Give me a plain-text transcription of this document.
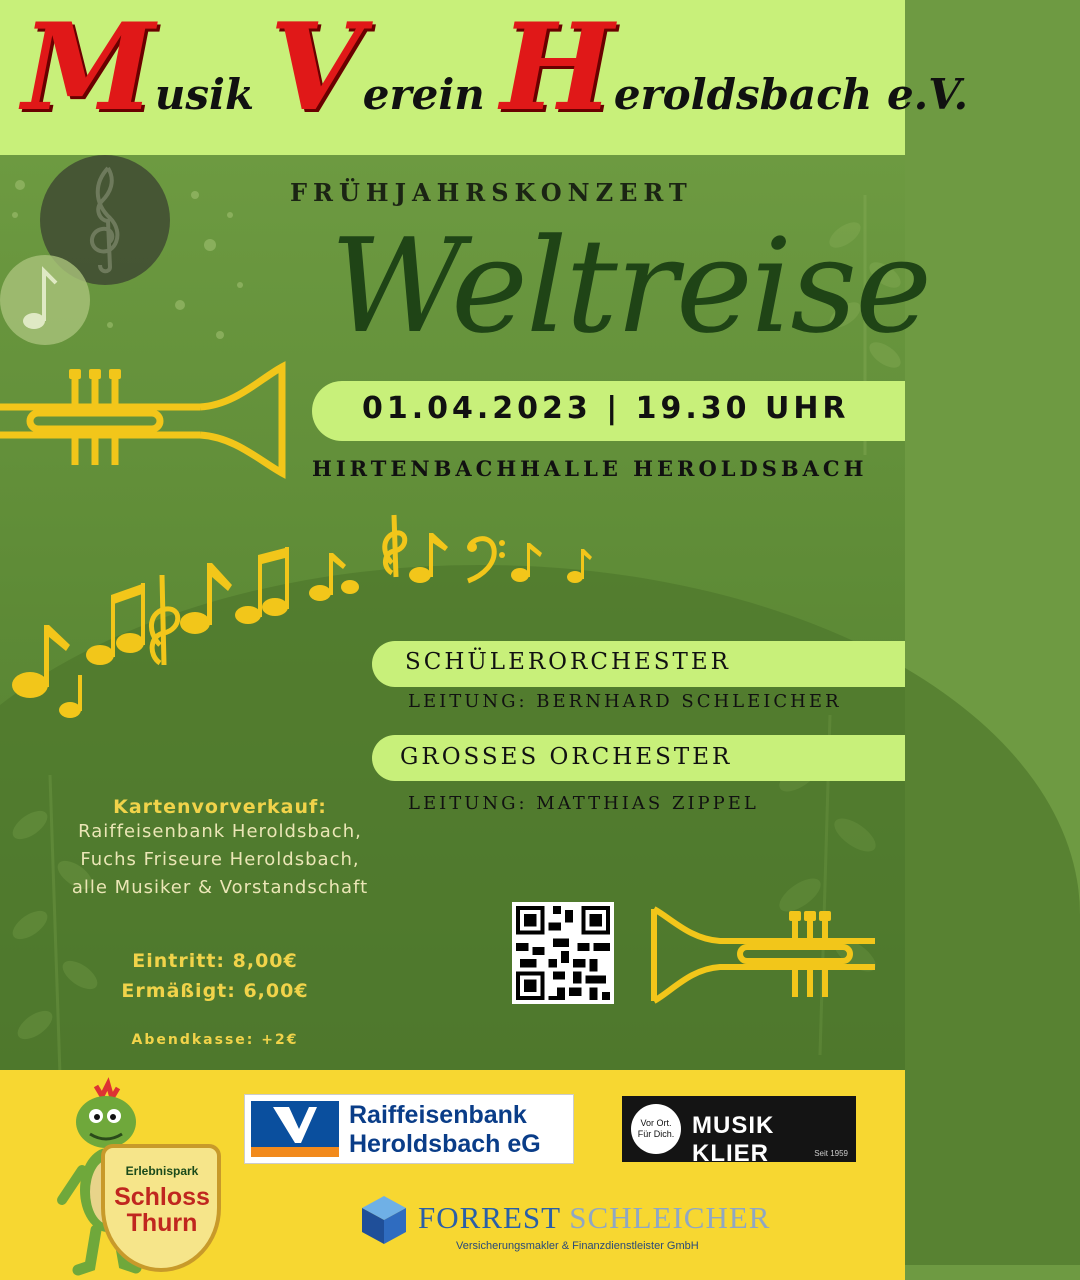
Musik Verein Heroldsbach e.V.
FRÜHJAHRSKONZERT
Weltreise
01.04.2023 | 19.30 UHR
HIRTENBACHHALLE HEROLDSBACH
SCHÜLERORCHESTER
LEITUNG: BERNHARD SCHLEICHER
GROSSES ORCHESTER
LEITUNG: MATTHIAS ZIPPEL
Kartenvorverkauf:
Raiffeisenbank Heroldsbach,
Fuchs Friseure Heroldsbach,
alle Musiker & Vorstandschaft
Eintritt: 8,00€
Ermäßigt: 6,00€
Abendkasse: +2€
Erlebnispark
Schloss
Thurn
Raiffeisenbank
Heroldsbach eG
Vor Ort.
Für Dich. MUSIK KLIER	Seit 1959
FORREST SCHLEICHER
Versicherungsmakler & Finanzdienstleister GmbH
